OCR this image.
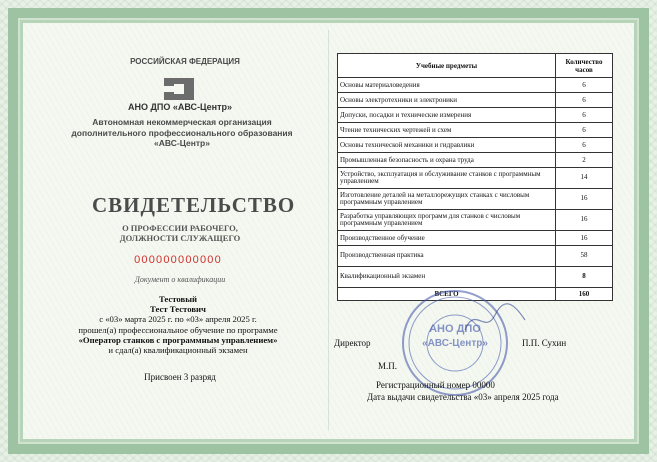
РОССИЙСКАЯ ФЕДЕРАЦИЯ
АНО ДПО «АВС-Центр»
Автономная некоммерческая организация
дополнительного профессионального образования
«АВС-Центр»
СВИДЕТЕЛЬСТВО
О ПРОФЕССИИ РАБОЧЕГО,
ДОЛЖНОСТИ СЛУЖАЩЕГО
000000000000
Документ о квалификации
Тестовый
Тест Тестович
с «03» марта 2025 г. по «03» апреля 2025 г.
прошел(а) профессиональное обучение по программе
«Оператор станков с программным управлением»
и сдал(а) квалификационный экзамен
Присвоен 3 разряд
Учебные предметы	Количество часов
Основы материаловедения	6
Основы электротехники и электроники	6
Допуски, посадки и технические измерения	6
Чтение технических чертежей и схем	6
Основы технической механики и гидравлики	6
Промышленная безопасность и охрана труда	2
Устройство, эксплуатация и обслуживание станков с программным управлением	14
Изготовление деталей на металлорежущих станках с числовым программным управлением	16
Разработка управляющих программ для станков с числовым программным управлением	16
Производственное обучение	16
Производственная практика	58
Квалификационный экзамен	8
ВСЕГО	160
АНО ДПО
«АВС-Центр»
Директор	П.П. Сухин
М.П.
Регистрационный номер 00000
Дата выдачи свидетельства «03» апреля 2025 года
